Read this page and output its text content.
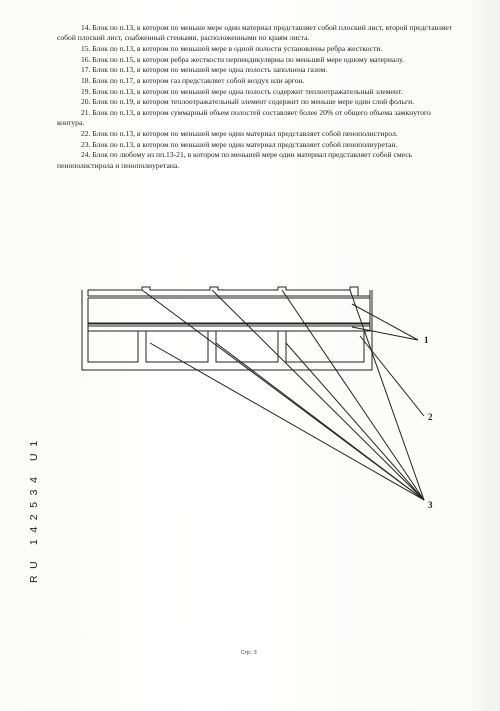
14. Блок по п.13, в котором по меньше мере один материал представляет собой плоский лист, второй представляет собой плоский лист, снабженный стенками, расположенными по краям листа.

15. Блок по п.13, в котором по меньшей мере в одной полости установлены ребра жесткости.

16. Блок по п.15, в котором ребра жесткости перпендикулярны по меньшей мере одному материалу.

17. Блок по п.13, в котором по меньшей мере одна полость заполнена газом.

18. Блок по п.17, в котором газ представляет собой воздух или аргон.

19. Блок по п.13, в котором по меньшей мере одна полость содержит теплоотражательный элемент.

20. Блок по п.19, в котором теплоотражательный элемент содержит по меньше мере один слой фольги.

21. Блок по п.13, в котором суммарный объем полостей составляет более 20% от общего объема замкнутого контура.

22. Блок по п.13, в котором по меньшей мере один материал представляет собой пенополистирол.

23. Блок по п.13, в котором по меньшей мере один материал представляет собой пенополиуретан.

24. Блок по любому из пп.13-21, в котором по меньшей мере один материал представляет собой смесь пенополистирола и пенополиуретана.

1
2
3
RU 142534 U1
Стр.: 3
